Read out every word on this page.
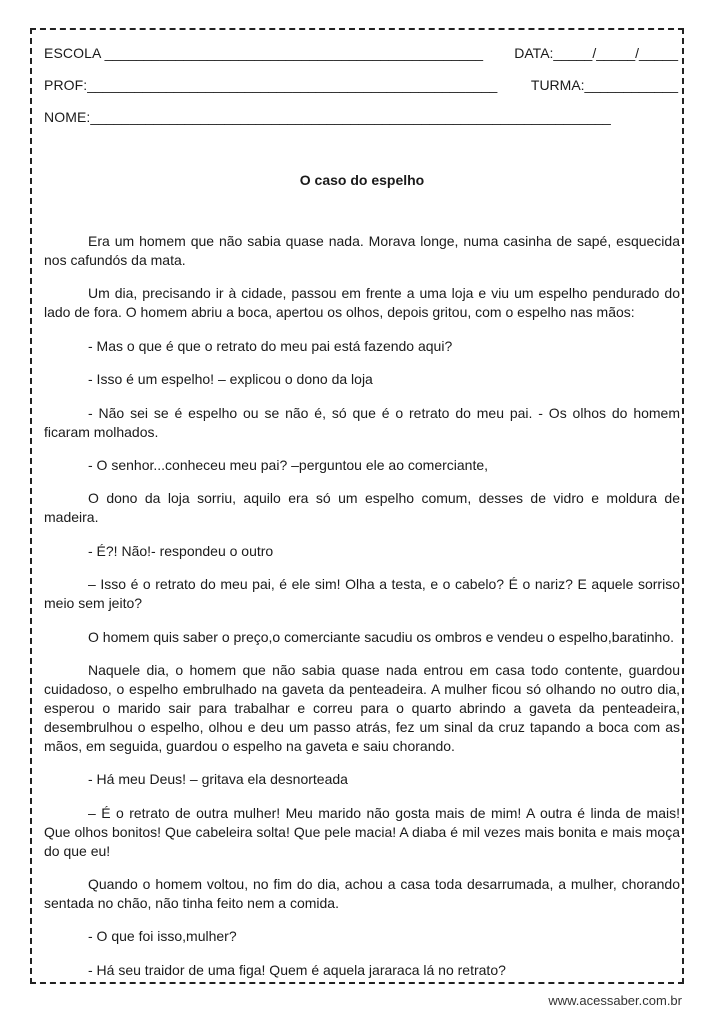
ESCOLA ________________________________________________ DATA:_____/_____/_____
PROF:____________________________________________________ TURMA:____________
NOME:__________________________________________________________________
O caso do espelho

Era um homem que não sabia quase nada. Morava longe, numa casinha de sapé, esquecida nos cafundós da mata.

Um dia, precisando ir à cidade, passou em frente a uma loja e viu um espelho pendurado do lado de fora. O homem abriu a boca, apertou os olhos, depois gritou, com o espelho nas mãos:

- Mas o que é que o retrato do meu pai está fazendo aqui?

- Isso é um espelho! – explicou o dono da loja

- Não sei se é espelho ou se não é, só que é o retrato do meu pai. - Os olhos do homem ficaram molhados.

- O senhor...conheceu meu pai? –perguntou ele ao comerciante,

O dono da loja sorriu, aquilo era só um espelho comum, desses de vidro e moldura de madeira.

- É?! Não!- respondeu o outro

– Isso é o retrato do meu pai, é ele sim! Olha a testa, e o cabelo? É o nariz? E aquele sorriso meio sem jeito?

O homem quis saber o preço,o comerciante sacudiu os ombros e vendeu o espelho,baratinho.

Naquele dia, o homem que não sabia quase nada entrou em casa todo contente, guardou cuidadoso, o espelho embrulhado na gaveta da penteadeira. A mulher ficou só olhando no outro dia, esperou o marido sair para trabalhar e correu para o quarto abrindo a gaveta da penteadeira, desembrulhou o espelho, olhou e deu um passo atrás, fez um sinal da cruz tapando a boca com as mãos, em seguida, guardou o espelho na gaveta e saiu chorando.

- Há meu Deus! – gritava ela desnorteada

– É o retrato de outra mulher! Meu marido não gosta mais de mim! A outra é linda de mais! Que olhos bonitos! Que cabeleira solta! Que pele macia! A diaba é mil vezes mais bonita e mais moça do que eu!

Quando o homem voltou, no fim do dia, achou a casa toda desarrumada, a mulher, chorando sentada no chão, não tinha feito nem a comida.

- O que foi isso,mulher?

- Há seu traidor de uma figa! Quem é aquela jararaca lá no retrato?

www.acessaber.com.br
